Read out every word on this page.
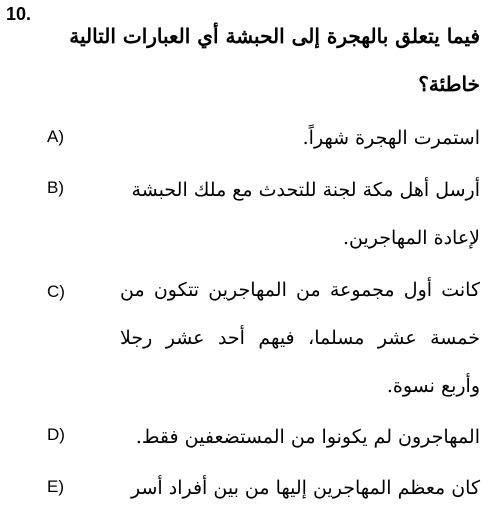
10.
فيما يتعلق بالهجرة إلى الحبشة أي العبارات التالية خاطئة؟
A)	استمرت الهجرة شهراً.
B)	أرسل أهل مكة لجنة للتحدث مع ملك الحبشة لإعادة المهاجرين.
C)	كانت أول مجموعة من المهاجرين تتكون من خمسة عشر مسلما، فيهم أحد عشر رجلا وأربع نسوة.
D)	المهاجرون لم يكونوا من المستضعفين فقط.
E)	كان معظم المهاجرين إليها من بين أفراد أسر
